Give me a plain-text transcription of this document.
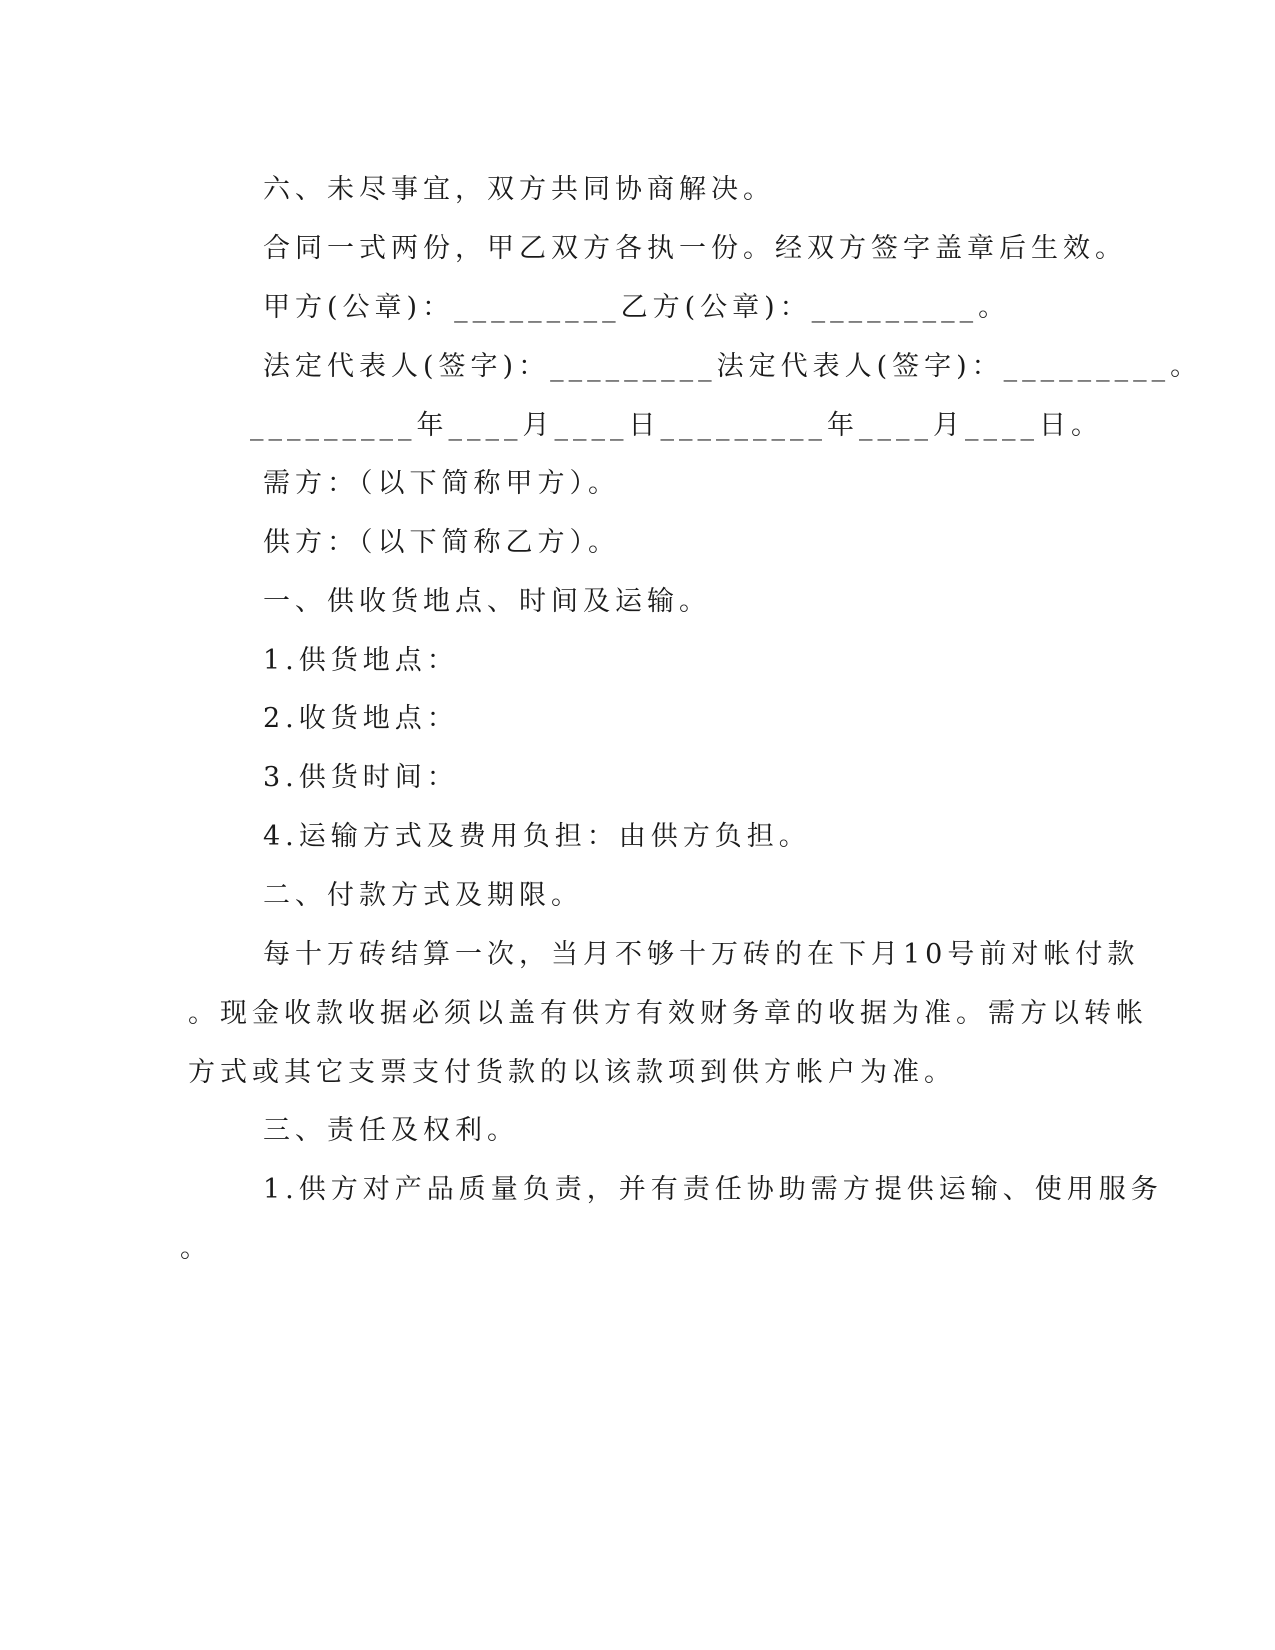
六、未尽事宜，双方共同协商解决。
合同一式两份，甲乙双方各执一份。经双方签字盖章后生效。
甲方(公章)：_________乙方(公章)：_________。
法定代表人(签字)：_________法定代表人(签字)：_________。
_________年____月____日_________年____月____日。
需方：（以下简称甲方）。
供方：（以下简称乙方）。
一、供收货地点、时间及运输。
1.供货地点：
2.收货地点：
3.供货时间：
4.运输方式及费用负担：由供方负担。
二、付款方式及期限。
每十万砖结算一次，当月不够十万砖的在下月10号前对帐付款
。现金收款收据必须以盖有供方有效财务章的收据为准。需方以转帐
方式或其它支票支付货款的以该款项到供方帐户为准。
三、责任及权利。
1.供方对产品质量负责，并有责任协助需方提供运输、使用服务
。
